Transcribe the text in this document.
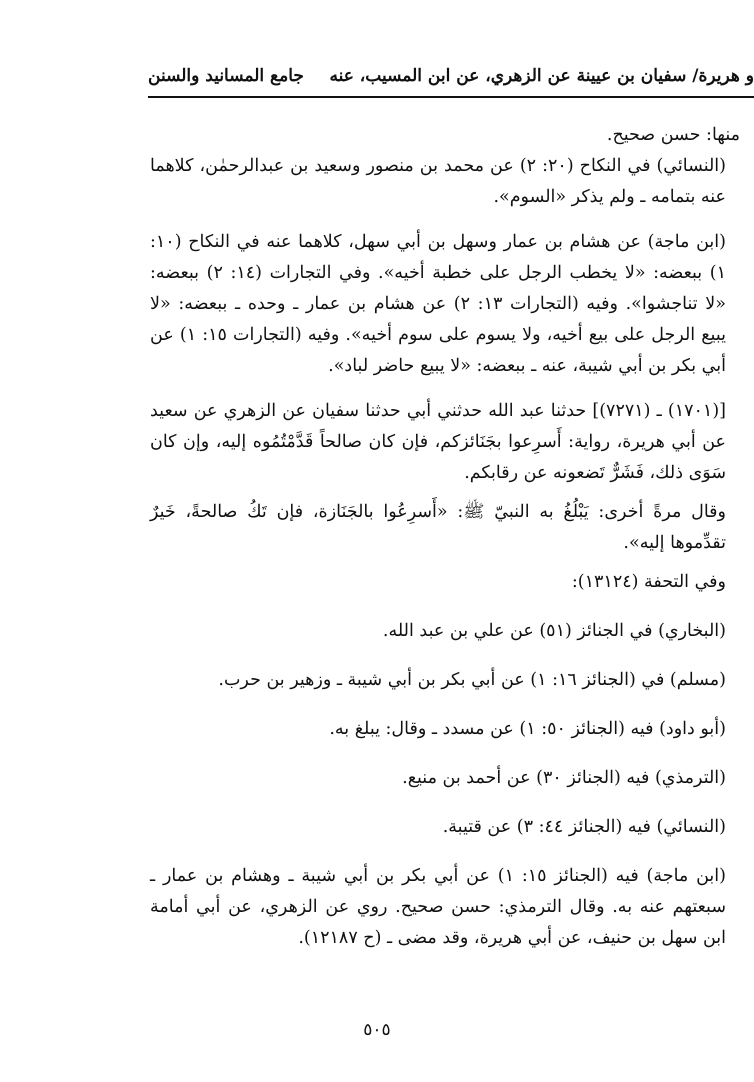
و هريرة/ سفيان بن عيينة عن الزهري، عن ابن المسيب، عنه
جامع المسانيد والسنن

منها: حسن صحيح.

(النسائي) في النكاح (٢٠: ٢) عن محمد بن منصور وسعيد بن عبدالرحمٰن، كلاهما عنه بتمامه ـ ولم يذكر «السوم».

(ابن ماجة) عن هشام بن عمار وسهل بن أبي سهل، كلاهما عنه في النكاح (١٠: ١) ببعضه: «لا يخطب الرجل على خطبة أخيه». وفي التجارات (١٤: ٢) ببعضه: «لا تناجشوا». وفيه (التجارات ١٣: ٢) عن هشام بن عمار ـ وحده ـ ببعضه: «لا يبيع الرجل على بيع أخيه، ولا يسوم على سوم أخيه». وفيه (التجارات ١٥: ١) عن أبي بكر بن أبي شيبة، عنه ـ ببعضه: «لا يبيع حاضر لباد».

[(١٧٠١) ـ (٧٢٧١)] حدثنا عبد الله حدثني أبي حدثنا سفيان عن الزهري عن سعيد عن أبي هريرة، رواية: أَسرِعوا بجَنَائزكم، فإن كان صالحاً قَدَّمْتُمُوه إليه، وإن كان سَوَى ذلك، فَشَرٌّ تَضعونه عن رقابكم.

وقال مرةً أخرى: يَبْلُغُ به النبيّ ﷺ: «أَسرِعُوا بالجَنَازة، فإن تَكُ صالحةً، خَيرٌ تقدِّموها إليه».

وفي التحفة (١٣١٢٤):

(البخاري) في الجنائز (٥١) عن علي بن عبد الله.

(مسلم) في (الجنائز ١٦: ١) عن أبي بكر بن أبي شيبة ـ وزهير بن حرب.

(أبو داود) فيه (الجنائز ٥٠: ١) عن مسدد ـ وقال: يبلغ به.

(الترمذي) فيه (الجنائز ٣٠) عن أحمد بن منيع.

(النسائي) فيه (الجنائز ٤٤: ٣) عن قتيبة.

(ابن ماجة) فيه (الجنائز ١٥: ١) عن أبي بكر بن أبي شيبة ـ وهشام بن عمار ـ سبعتهم عنه به. وقال الترمذي: حسن صحيح. روي عن الزهري، عن أبي أمامة ابن سهل بن حنيف، عن أبي هريرة، وقد مضى ـ (ح ١٢١٨٧).

٥٠٥
